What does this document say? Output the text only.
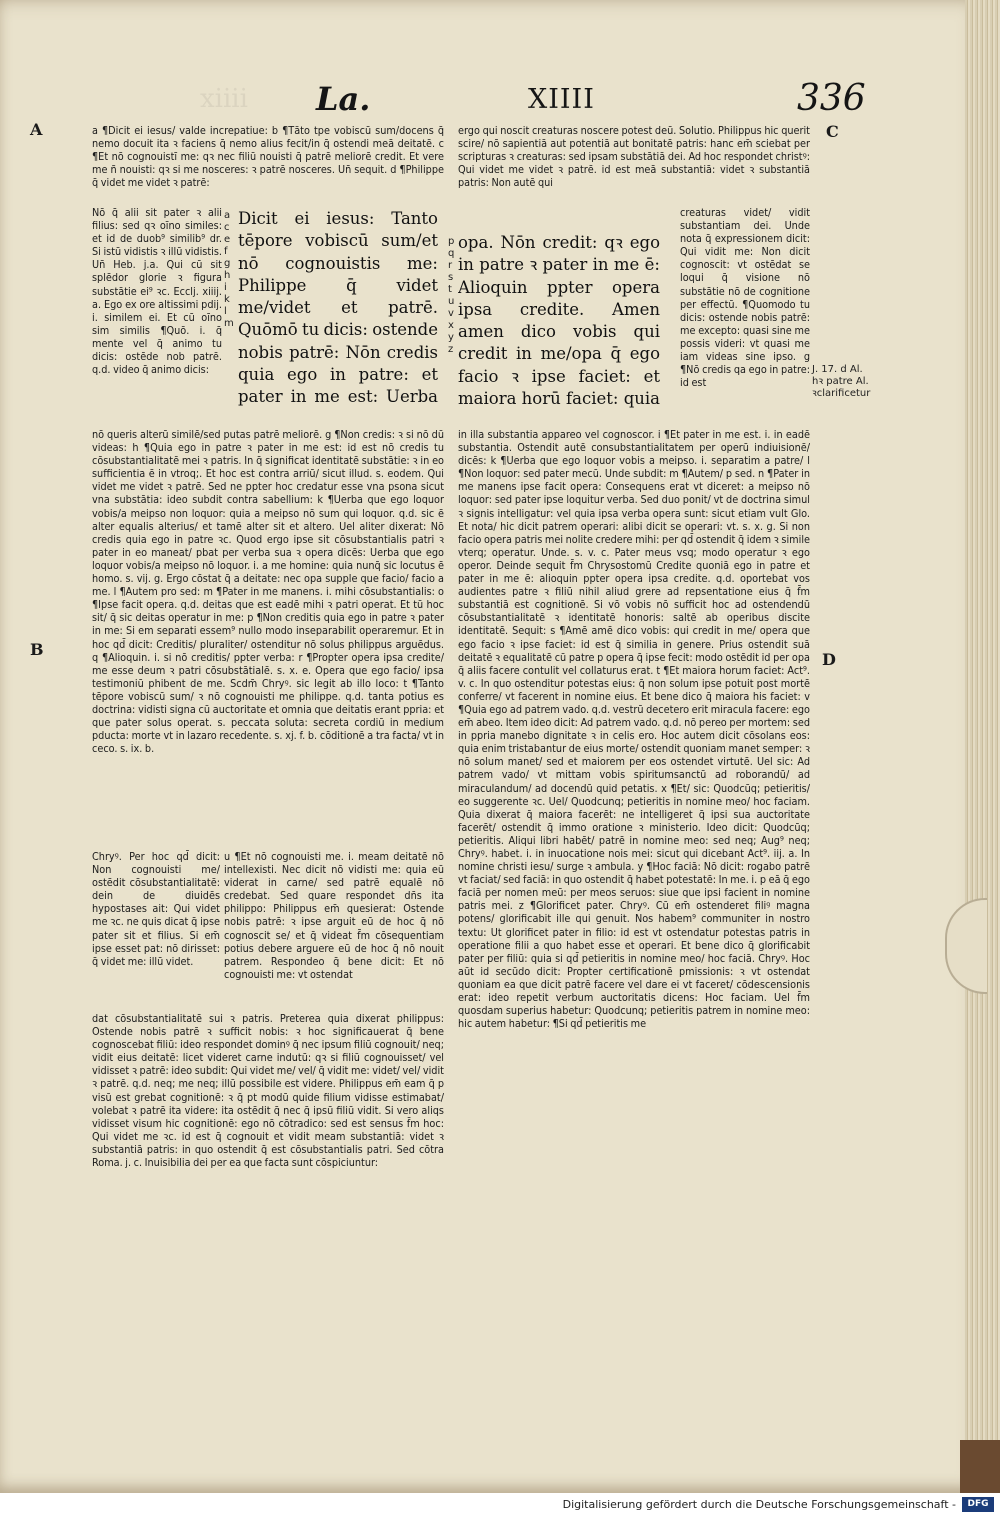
xiiii La.	XIIII	336
A	C
B
D
a ¶Dicit ei iesus/ valde increpatiue: b ¶Tāto tpe vobiscū sum/docens q̄ nemo docuit ita ꝛ faciens q̄ nemo alius fecit/in q̄ ostendi meā deitatē. c ¶Et nō cognouistī me: qꝛ nec filiū nouisti q̄ patrē meliorē credit. Et vere me ñ nouisti: qꝛ si me nosceres: ꝛ patrē nosceres. Un̄ sequit. d ¶Philippe q̄ videt me videt ꝛ patrē:
Nō q̄ alii sit pater ꝛ alii filius: sed qꝛ oīno similes: et id de duob⁹ similib⁹ dr. Si istū vidistis ꝛ illū vidistis. Un̄ Heb. j.a. Qui cū sit splēdor glorie ꝛ figura substātie ei⁹ ꝛc. Ecclj. xiiij. a. Ego ex ore altissimi pdij. i. similem ei. Et cū oīno sim similis ¶Quō. i. q̄ mente vel q̄ animo tu dicis: ostēde nob patrē. q.d. video q̄ animo dicis:
a c e f g h i k l m
Dicit ei iesus: Tanto tēpore vobiscū sum/et nō cognouistis me: Philippe q̄ videt me/videt et patrē. Quōmō tu dicis: ostende nobis patrē: Nōn credis quia ego in patre: et pater in me est: Uerba
p q r s t u v x y z
opa. Nōn credit: qꝛ ego in patre ꝛ pater in me ē: Alioquin ppter opera ipsa credite. Amen amen dico vobis qui credit in me/opa q̄ ego facio ꝛ ipse faciet: et maiora horū faciet: quia
nō queris alterū similē/sed putas patrē meliorē. g ¶Non credis: ꝛ si nō dū videas: h ¶Quia ego in patre ꝛ pater in me est: id est nō credis tu cōsubstantialitatē mei ꝛ patris. In q̄ significat identitatē substātie: ꝛ in eo sufficientia ē in vtroq;. Et hoc est contra arriū/ sicut illud. s. eodem. Qui videt me videt ꝛ patrē. Sed ne ppter hoc credatur esse vna psona sicut vna substātia: ideo subdit contra sabellium: k ¶Uerba que ego loquor vobis/a meipso non loquor: quia a meipso nō sum qui loquor. q.d. sic ē alter equalis alterius/ et tamē alter sit et altero. Uel aliter dixerat: Nō credis quia ego in patre ꝛc. Quod ergo ipse sit cōsubstantialis patri ꝛ pater in eo maneat/ pbat per verba sua ꝛ opera dicēs: Uerba que ego loquor vobis/a meipso nō loquor. i. a me homine: quia nunq̄ sic locutus ē homo. s. vij. g. Ergo cōstat q̄ a deitate: nec opa supple que facio/ facio a me. l ¶Autem pro sed: m ¶Pater in me manens. i. mihi cōsubstantialis: o ¶Ipse facit opera. q.d. deitas que est eadē mihi ꝛ patri operat. Et tū hoc sit/ q̄ sic deitas operatur in me: p ¶Non creditis quia ego in patre ꝛ pater in me: Si em separati essem⁹ nullo modo inseparabilit operaremur. Et in hoc qd̄ dicit: Creditis/ pluraliter/ ostenditur nō solus philippus arguēdus. q ¶Alioquin. i. si nō creditis/ ppter verba: r ¶Propter opera ipsa credite/ me esse deum ꝛ patri cōsubstātialē. s. x. e. Opera que ego facio/ ipsa testimoniū phibent de me. Scdm̄ Chryꝰ. sic legit ab illo loco: t ¶Tanto tēpore vobiscū sum/ ꝛ nō cognouisti me philippe. q.d. tanta potius es doctrina: vidisti signa cū auctoritate et omnia que deitatis erant ppria: et que pater solus operat. s. peccata soluta: secreta cordiū in medium pducta: morte vt in lazaro recedente. s. xj. f. b. cōditionē a tra facta/ vt in ceco. s. ix. b.
Chryꝰ. Per hoc qd̄ dicit: Non cognouisti me/ ostēdit cōsubstantialitatē: dein de diuidēs hypostases ait: Qui videt me ꝛc. ne quis dicat q̄ ipse pater sit et filius. Si em̄ ipse esset pat: nō dirisset: q̄ videt me: illū videt.
u ¶Et nō cognouisti me. i. meam deitatē nō intellexisti. Nec dicit nō vidisti me: quia eū viderat in carne/ sed patrē equalē nō credebat. Sed quare respondet dn̄s ita philippo: Philippus em̄ quesierat: Ostende nobis patrē: ꝛ ipse arguit eū de hoc q̄ nō cognoscit se/ et q̄ videat f̄m cōsequentiam potius debere arguere eū de hoc q̄ nō nouit patrem. Respondeo q̄ bene dicit: Et nō cognouisti me: vt ostendat
dat cōsubstantialitatē sui ꝛ patris. Preterea quia dixerat philippus: Ostende nobis patrē ꝛ sufficit nobis: ꝛ hoc significauerat q̄ bene cognoscebat filiū: ideo respondet dominꝰ q̄ nec ipsum filiū cognouit/ neq; vidit eius deitatē: licet videret carne indutū: qꝛ si filiū cognouisset/ vel vidisset ꝛ patrē: ideo subdit: Qui videt me/ vel/ q̄ vidit me: videt/ vel/ vidit ꝛ patrē. q.d. neq; me neq; illū possibile est videre. Philippus em̄ eam q̄ p visū est grebat cognitionē: ꝛ q̄ pt modū quide filium vidisse estimabat/ volebat ꝛ patrē ita videre: ita ostēdit q̄ nec q̄ ipsū filiū vidit. Si vero aliqs vidisset visum hic cognitionē: ego nō cōtradico: sed est sensus f̄m hoc: Qui videt me ꝛc. id est q̄ cognouit et vidit meam substantiā: videt ꝛ substantiā patris: in quo ostendit q̄ est cōsubstantialis patri. Sed cōtra Roma. j. c. Inuisibilia dei per ea que facta sunt cōspiciuntur:
ergo qui noscit creaturas noscere potest deū. Solutio. Philippus hic querit scire/ nō sapientiā aut potentiā aut bonitatē patris: hanc em̄ sciebat per scripturas ꝛ creaturas: sed ipsam substātiā dei. Ad hoc respondet christꝰ: Qui videt me videt ꝛ patrē. id est meā substantiā: videt ꝛ substantiā patris: Non autē qui
creaturas videt/ vidit substantiam dei. Unde nota q̄ expressionem dicit: Qui vidit me: Non dicit cognoscit: vt ostēdat se loqui q̄ visione nō substātie nō de cognitione per effectū. ¶Quomodo tu dicis: ostende nobis patrē: me excepto: quasi sine me possis videri: vt quasi me iam videas sine ipso. g ¶Nō credis qa ego in patre: id est
J. 17. d Al. hꝛ patre Al. ꝛclarificetur
in illa substantia appareo vel cognoscor. i ¶Et pater in me est. i. in eadē substantia. Ostendit autē consubstantialitatem per operū indiuisionē/ dicēs: k ¶Uerba que ego loquor vobis a meipso. i. separatim a patre/ l ¶Non loquor: sed pater mecū. Unde subdit: m ¶Autem/ p sed. n ¶Pater in me manens ipse facit opera: Consequens erat vt diceret: a meipso nō loquor: sed pater ipse loquitur verba. Sed duo ponit/ vt de doctrina simul ꝛ signis intelligatur: vel quia ipsa verba opera sunt: sicut etiam vult Glo. Et nota/ hic dicit patrem operari: alibi dicit se operari: vt. s. x. g. Si non facio opera patris mei nolite credere mihi: per qd̄ ostendit q̄ idem ꝛ simile vterq; operatur. Unde. s. v. c. Pater meus vsq; modo operatur ꝛ ego operor. Deinde sequit f̄m Chrysostomū Credite quoniā ego in patre et pater in me ē: alioquin ppter opera ipsa credite. q.d. oportebat vos audientes patre ꝛ filiū nihil aliud grere ad repsentatione eius q̄ f̄m substantiā est cognitionē. Si vō vobis nō sufficit hoc ad ostendendū cōsubstantialitatē ꝛ identitatē honoris: saltē ab operibus discite identitatē. Sequit: s ¶Amē amē dico vobis: qui credit in me/ opera que ego facio ꝛ ipse faciet: id est q̄ similia in genere. Prius ostendit suā deitatē ꝛ equalitatē cū patre p opera q̄ ipse fecit: modo ostēdit id per opa q̄ aliis facere contulit vel collaturus erat. t ¶Et maiora horum faciet: Act⁹. v. c. In quo ostenditur potestas eius: q̄ non solum ipse potuit post mortē conferre/ vt facerent in nomine eius. Et bene dico q̄ maiora his faciet: v ¶Quia ego ad patrem vado. q.d. vestrū decetero erit miracula facere: ego em̄ abeo. Item ideo dicit: Ad patrem vado. q.d. nō pereo per mortem: sed in ppria manebo dignitate ꝛ in celis ero. Hoc autem dicit cōsolans eos: quia enim tristabantur de eius morte/ ostendit quoniam manet semper: ꝛ nō solum manet/ sed et maiorem per eos ostendet virtutē. Uel sic: Ad patrem vado/ vt mittam vobis spiritumsanctū ad roborandū/ ad miraculandum/ ad docendū quid petatis. x ¶Et/ sic: Quodcūq; petieritis/ eo suggerente ꝛc. Uel/ Quodcunq; petieritis in nomine meo/ hoc faciam. Quia dixerat q̄ maiora facerēt: ne intelligeret q̄ ipsi sua auctoritate facerēt/ ostendit q̄ immo oratione ꝛ ministerio. Ideo dicit: Quodcūq; petieritis. Aliqui libri habēt/ patrē in nomine meo: sed neq; Aug⁹ neq; Chryꝰ. habet. i. in inuocatione nois mei: sicut qui dicebant Act⁹. iij. a. In nomine christi iesu/ surge ꝛ ambula. y ¶Hoc faciā: Nō dicit: rogabo patrē vt faciat/ sed faciā: in quo ostendit q̄ habet potestatē: In me. i. p eā q̄ ego faciā per nomen meū: per meos seruos: siue que ipsi facient in nomine patris mei. z ¶Glorificet pater. Chryꝰ. Cū em̄ ostenderet filiꝰ magna potens/ glorificabit ille qui genuit. Nos habem⁹ communiter in nostro textu: Ut glorificet pater in filio: id est vt ostendatur potestas patris in operatione filii a quo habet esse et operari. Et bene dico q̄ glorificabit pater per filiū: quia si qd̄ petieritis in nomine meo/ hoc faciā. Chryꝰ. Hoc aūt id secūdo dicit: Propter certificationē pmissionis: ꝛ vt ostendat quoniam ea que dicit patrē facere vel dare ei vt faceret/ cōdescensionis erat: ideo repetit verbum auctoritatis dicens: Hoc faciam. Uel f̄m quosdam superius habetur: Quodcunq; petieritis patrem in nomine meo: hic autem habetur: ¶Si qd̄ petieritis me
Digitalisierung gefördert durch die Deutsche Forschungsgemeinschaft -	DFG
